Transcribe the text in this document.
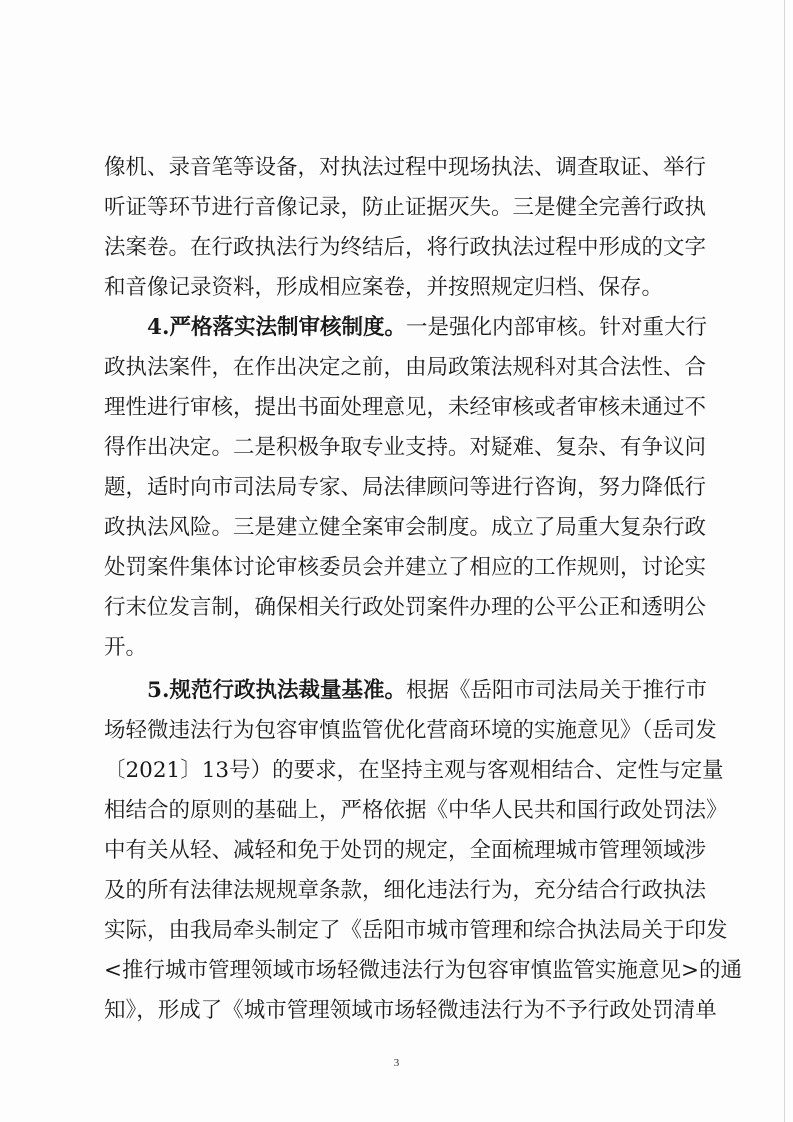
像机、录音笔等设备，对执法过程中现场执法、调查取证、举行
听证等环节进行音像记录，防止证据灭失。三是健全完善行政执
法案卷。在行政执法行为终结后，将行政执法过程中形成的文字
和音像记录资料，形成相应案卷，并按照规定归档、保存。
4.严格落实法制审核制度。一是强化内部审核。针对重大行
政执法案件，在作出决定之前，由局政策法规科对其合法性、合
理性进行审核，提出书面处理意见，未经审核或者审核未通过不
得作出决定。二是积极争取专业支持。对疑难、复杂、有争议问
题，适时向市司法局专家、局法律顾问等进行咨询，努力降低行
政执法风险。三是建立健全案审会制度。成立了局重大复杂行政
处罚案件集体讨论审核委员会并建立了相应的工作规则，讨论实
行末位发言制，确保相关行政处罚案件办理的公平公正和透明公
开。
5.规范行政执法裁量基准。根据《岳阳市司法局关于推行市
场轻微违法行为包容审慎监管优化营商环境的实施意见》（岳司发
〔2021〕13号）的要求，在坚持主观与客观相结合、定性与定量
相结合的原则的基础上，严格依据《中华人民共和国行政处罚法》
中有关从轻、减轻和免于处罚的规定，全面梳理城市管理领域涉
及的所有法律法规规章条款，细化违法行为，充分结合行政执法
实际，由我局牵头制定了《岳阳市城市管理和综合执法局关于印发
<推行城市管理领域市场轻微违法行为包容审慎监管实施意见>的通
知》，形成了《城市管理领域市场轻微违法行为不予行政处罚清单
3
